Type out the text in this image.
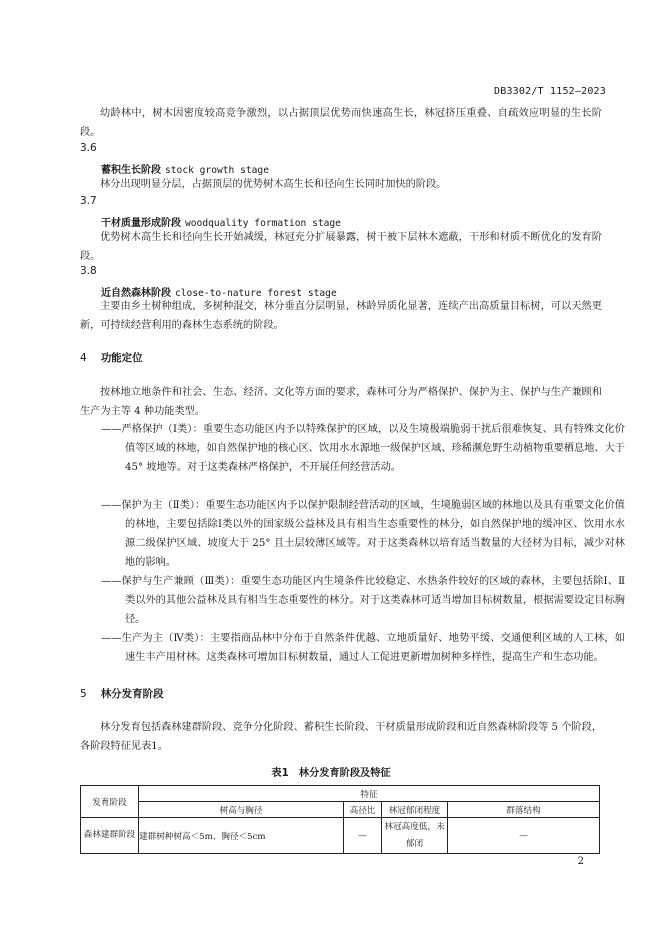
DB3302/T 1152—2023
幼龄林中，树木因密度较高竞争激烈，以占据顶层优势而快速高生长，林冠挤压重叠、自疏效应明显的生长阶段。
3.6
蓄积生长阶段 stock growth stage
林分出现明显分层，占据顶层的优势树木高生长和径向生长同时加快的阶段。
3.7
干材质量形成阶段 woodquality formation stage
优势树木高生长和径向生长开始减缓，林冠充分扩展暴露，树干被下层林木遮蔽，干形和材质不断优化的发育阶段。
3.8
近自然森林阶段 close-to-nature forest stage
主要由乡土树种组成，多树种混交，林分垂直分层明显，林龄异质化显著，连续产出高质量目标树，可以天然更新，可持续经营利用的森林生态系统的阶段。
4 功能定位
按林地立地条件和社会、生态、经济、文化等方面的要求，森林可分为严格保护、保护为主、保护与生产兼顾和生产为主等 4 种功能类型。
——严格保护（Ⅰ类）：重要生态功能区内予以特殊保护的区域，以及生境极端脆弱干扰后很难恢复、具有特殊文化价值等区域的林地，如自然保护地的核心区、饮用水水源地一级保护区域、珍稀濒危野生动植物重要栖息地、大于 45° 坡地等。对于这类森林严格保护，不开展任何经营活动。
——保护为主（Ⅱ类）：重要生态功能区内予以保护限制经营活动的区域，生境脆弱区域的林地以及具有重要文化价值的林地，主要包括除Ⅰ类以外的国家级公益林及具有相当生态重要性的林分，如自然保护地的缓冲区、饮用水水源二级保护区域、坡度大于 25° 且土层较薄区域等。对于这类森林以培育适当数量的大径材为目标，减少对林地的影响。
——保护与生产兼顾（Ⅲ类）：重要生态功能区内生境条件比较稳定、水热条件较好的区域的森林，主要包括除Ⅰ、Ⅱ类以外的其他公益林及具有相当生态重要性的林分。对于这类森林可适当增加目标树数量，根据需要设定目标胸径。
——生产为主（Ⅳ类）：主要指商品林中分布于自然条件优越、立地质量好、地势平缓、交通便利区域的人工林，如速生丰产用材林。这类森林可增加目标树数量，通过人工促进更新增加树种多样性，提高生产和生态功能。
5 林分发育阶段
林分发育包括森林建群阶段、竞争分化阶段、蓄积生长阶段、干材质量形成阶段和近自然森林阶段等 5 个阶段，各阶段特征见表1。
表1　林分发育阶段及特征
发育阶段	特征			
	树高与胸径	高径比	林冠郁闭程度	群落结构
森林建群阶段	建群树种树高＜5m、胸径＜5cm	—	林冠高度低，未郁闭	—
2
